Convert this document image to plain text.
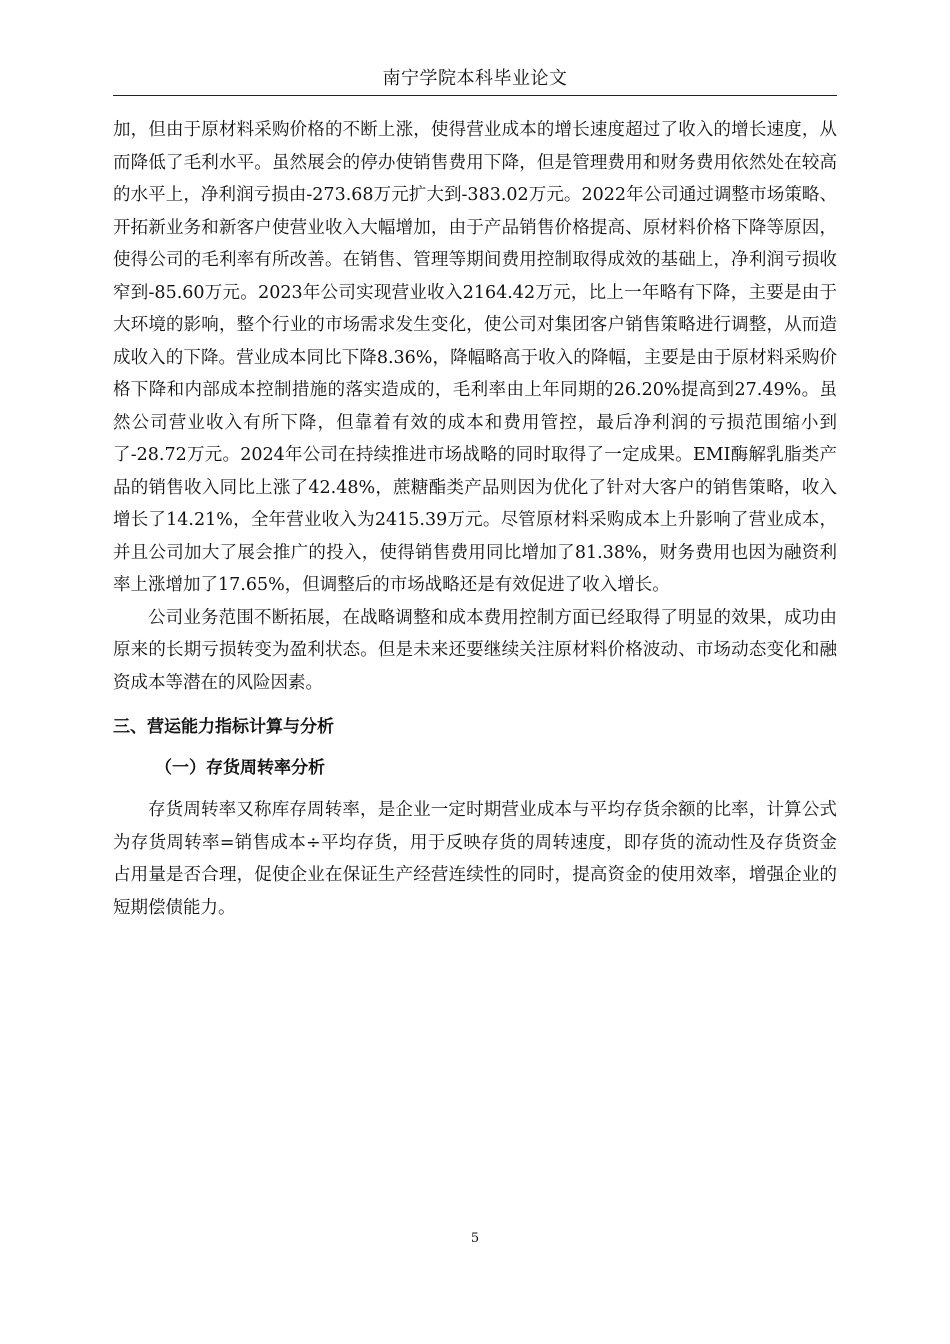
南宁学院本科毕业论文

加，但由于原材料采购价格的不断上涨，使得营业成本的增长速度超过了收入的增长速度，从而降低了毛利水平。虽然展会的停办使销售费用下降，但是管理费用和财务费用依然处在较高的水平上，净利润亏损由-273.68万元扩大到-383.02万元。2022年公司通过调整市场策略、开拓新业务和新客户使营业收入大幅增加，由于产品销售价格提高、原材料价格下降等原因，使得公司的毛利率有所改善。在销售、管理等期间费用控制取得成效的基础上，净利润亏损收窄到-85.60万元。2023年公司实现营业收入2164.42万元，比上一年略有下降，主要是由于大环境的影响，整个行业的市场需求发生变化，使公司对集团客户销售策略进行调整，从而造成收入的下降。营业成本同比下降8.36%，降幅略高于收入的降幅，主要是由于原材料采购价格下降和内部成本控制措施的落实造成的，毛利率由上年同期的26.20%提高到27.49%。虽然公司营业收入有所下降，但靠着有效的成本和费用管控，最后净利润的亏损范围缩小到了-28.72万元。2024年公司在持续推进市场战略的同时取得了一定成果。EMI酶解乳脂类产品的销售收入同比上涨了42.48%，蔗糖酯类产品则因为优化了针对大客户的销售策略，收入增长了14.21%，全年营业收入为2415.39万元。尽管原材料采购成本上升影响了营业成本，并且公司加大了展会推广的投入，使得销售费用同比增加了81.38%，财务费用也因为融资利率上涨增加了17.65%，但调整后的市场战略还是有效促进了收入增长。

公司业务范围不断拓展，在战略调整和成本费用控制方面已经取得了明显的效果，成功由原来的长期亏损转变为盈利状态。但是未来还要继续关注原材料价格波动、市场动态变化和融资成本等潜在的风险因素。

三、营运能力指标计算与分析
（一）存货周转率分析

存货周转率又称库存周转率，是企业一定时期营业成本与平均存货余额的比率，计算公式为存货周转率=销售成本÷平均存货，用于反映存货的周转速度，即存货的流动性及存货资金占用量是否合理，促使企业在保证生产经营连续性的同时，提高资金的使用效率，增强企业的短期偿债能力。

5
